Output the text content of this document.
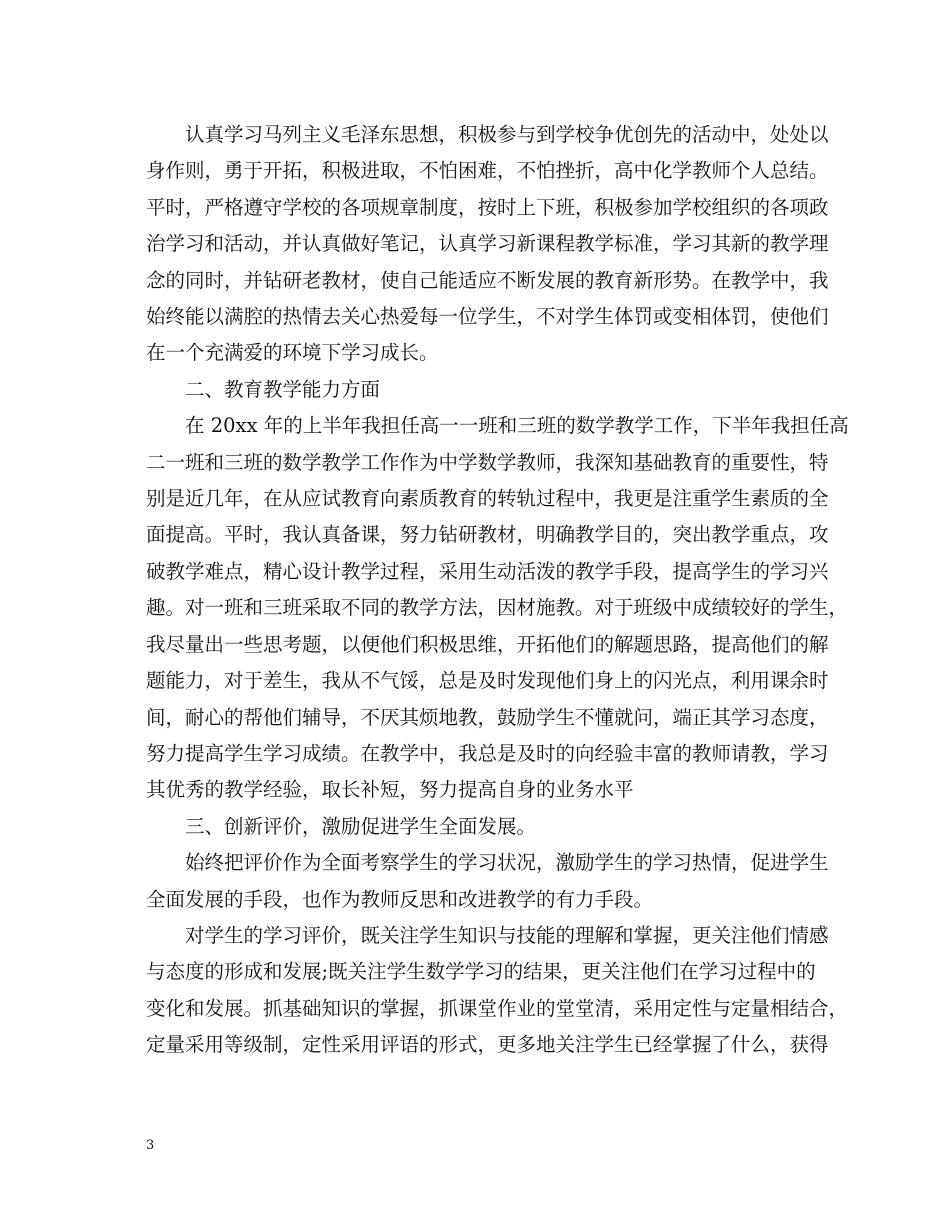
认真学习马列主义毛泽东思想，积极参与到学校争优创先的活动中，处处以
身作则，勇于开拓，积极进取，不怕困难，不怕挫折，高中化学教师个人总结。
平时，严格遵守学校的各项规章制度，按时上下班，积极参加学校组织的各项政
治学习和活动，并认真做好笔记，认真学习新课程教学标准，学习其新的教学理
念的同时，并钻研老教材，使自己能适应不断发展的教育新形势。在教学中，我
始终能以满腔的热情去关心热爱每一位学生，不对学生体罚或变相体罚，使他们
在一个充满爱的环境下学习成长。
二、教育教学能力方面
在 20xx 年的上半年我担任高一一班和三班的数学教学工作，下半年我担任高
二一班和三班的数学教学工作作为中学数学教师，我深知基础教育的重要性，特
别是近几年，在从应试教育向素质教育的转轨过程中，我更是注重学生素质的全
面提高。平时，我认真备课，努力钻研教材，明确教学目的，突出教学重点，攻
破教学难点，精心设计教学过程，采用生动活泼的教学手段，提高学生的学习兴
趣。对一班和三班采取不同的教学方法，因材施教。对于班级中成绩较好的学生，
我尽量出一些思考题，以便他们积极思维，开拓他们的解题思路，提高他们的解
题能力，对于差生，我从不气馁，总是及时发现他们身上的闪光点，利用课余时
间，耐心的帮他们辅导，不厌其烦地教，鼓励学生不懂就问，端正其学习态度，
努力提高学生学习成绩。在教学中，我总是及时的向经验丰富的教师请教，学习
其优秀的教学经验，取长补短，努力提高自身的业务水平
三、创新评价，激励促进学生全面发展。
始终把评价作为全面考察学生的学习状况，激励学生的学习热情，促进学生
全面发展的手段，也作为教师反思和改进教学的有力手段。
对学生的学习评价，既关注学生知识与技能的理解和掌握，更关注他们情感
与态度的形成和发展;既关注学生数学学习的结果，更关注他们在学习过程中的
变化和发展。抓基础知识的掌握，抓课堂作业的堂堂清，采用定性与定量相结合，
定量采用等级制，定性采用评语的形式，更多地关注学生已经掌握了什么，获得
3
